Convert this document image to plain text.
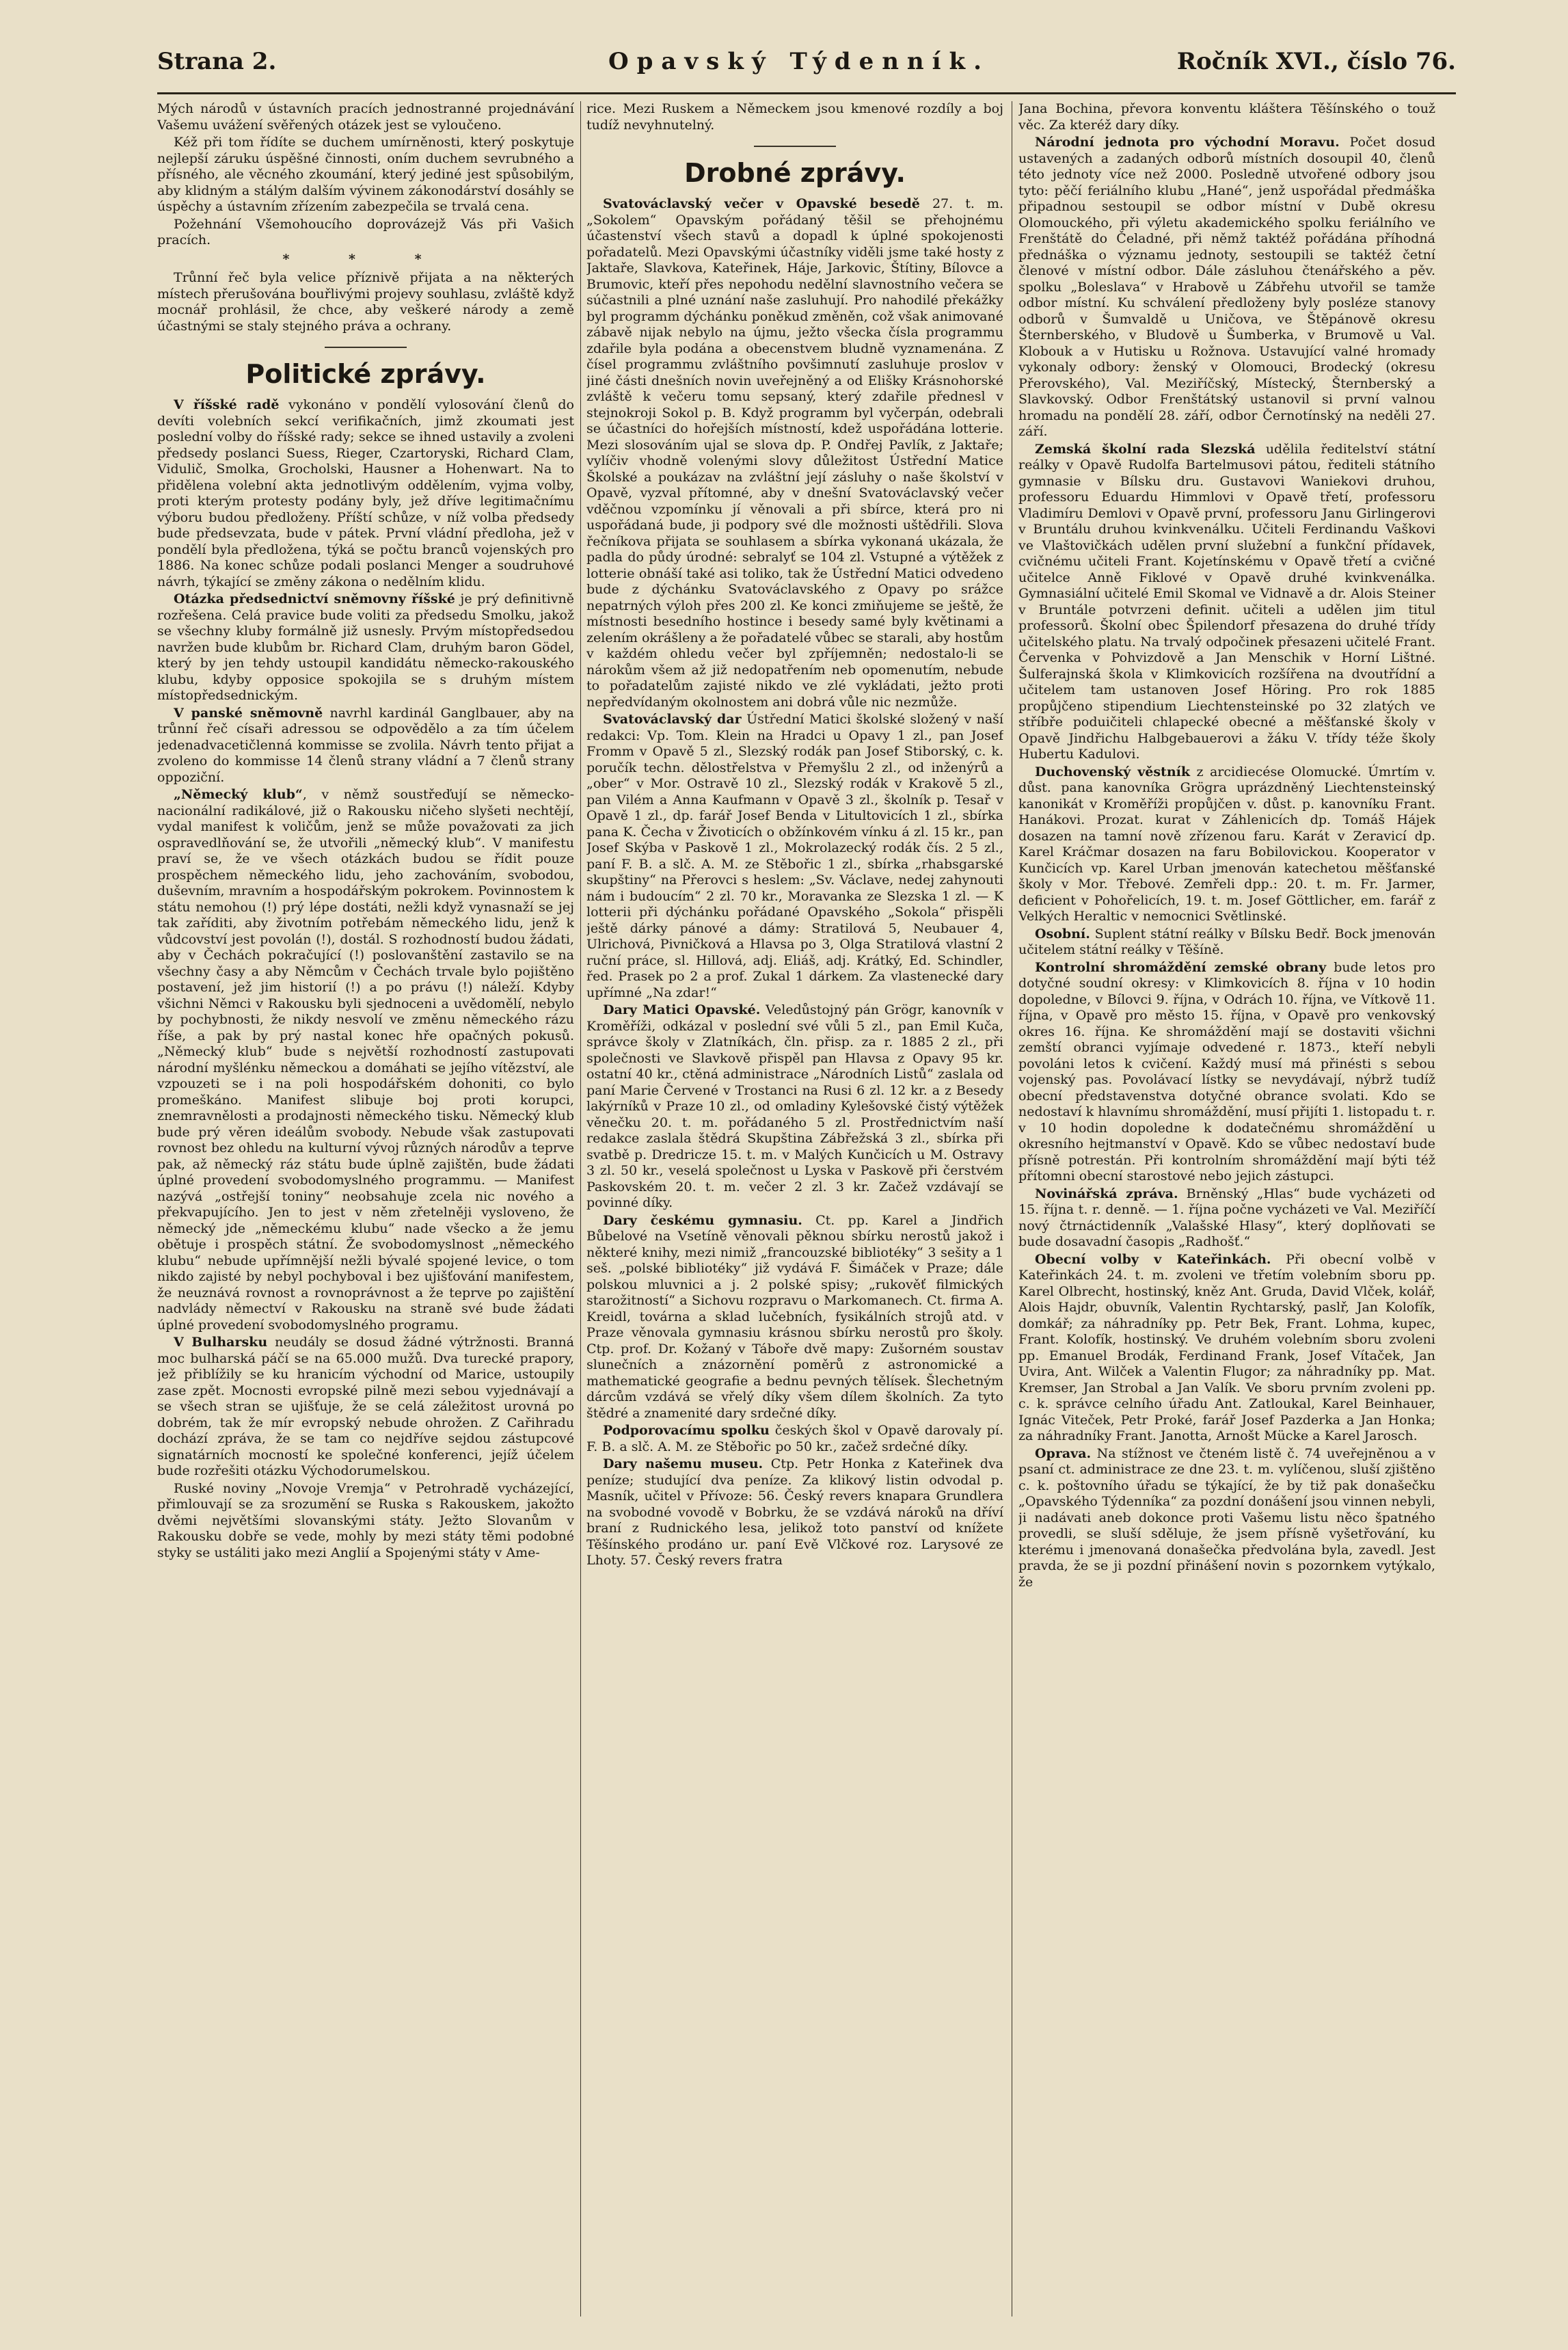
Strana 2.	Opavský Týdenník.	Ročník XVI., číslo 76.

Mých národů v ústavních pracích jednostranné projednávání Vašemu uvážení svěřených otázek jest se vyloučeno.

Kéž při tom řídíte se duchem umírněnosti, který poskytuje nejlepší záruku úspěšné činnosti, oním duchem sevrubného a přísného, ale věcného zkoumání, který jediné jest spůsobilým, aby klidným a stálým dalším vývinem zákonodárství dosáhly se úspěchy a ústavním zřízením zabezpečila se trvalá cena.

Požehnání Všemohoucího doprovázejž Vás při Vašich pracích.

* * *

Trůnní řeč byla velice příznivě přijata a na některých místech přerušována bouřlivými projevy souhlasu, zvláště když mocnář prohlásil, že chce, aby veškeré národy a země účastnými se staly stejného práva a ochrany.

Politické zprávy.

V říšské radě vykonáno v pondělí vylosování členů do devíti volebních sekcí verifikačních, jimž zkoumati jest poslední volby do říšské rady; sekce se ihned ustavily a zvoleni předsedy poslanci Suess, Rieger, Czartoryski, Richard Clam, Vidulič, Smolka, Grocholski, Hausner a Hohenwart. Na to přidělena volební akta jednotlivým oddělením, vyjma volby, proti kterým protesty podány byly, jež dříve legitimačnímu výboru budou předloženy. Příští schůze, v níž volba předsedy bude předsevzata, bude v pátek. První vládní předloha, jež v pondělí byla předložena, týká se počtu branců vojenských pro 1886. Na konec schůze podali poslanci Menger a soudruhové návrh, týkající se změny zákona o nedělním klidu.

Otázka předsednictví sněmovny říšské je prý definitivně rozřešena. Celá pravice bude voliti za předsedu Smolku, jakož se všechny kluby formálně již usnesly. Prvým místopředsedou navržen bude klubům br. Richard Clam, druhým baron Gödel, který by jen tehdy ustoupil kandidátu německo-rakouského klubu, kdyby opposice spokojila se s druhým místem místopředsednickým.

V panské sněmovně navrhl kardinál Ganglbauer, aby na trůnní řeč císaři adressou se odpovědělo a za tím účelem jedenadvacetičlenná kommisse se zvolila. Návrh tento přijat a zvoleno do kommisse 14 členů strany vládní a 7 členů strany oppoziční.

„Německý klub“, v němž soustřeďují se německo-nacionální radikálové, již o Rakousku ničeho slyšeti nechtějí, vydal manifest k voličům, jenž se může považovati za jich ospravedlňování se, že utvořili „německý klub“. V manifestu praví se, že ve všech otázkách budou se řídit pouze prospěchem německého lidu, jeho zachováním, svobodou, duševním, mravním a hospodářským pokrokem. Povinnostem k státu nemohou (!) prý lépe dostáti, nežli když vynasnaží se jej tak zaříditi, aby životním potřebám německého lidu, jenž k vůdcovství jest povolán (!), dostál. S rozhodností budou žádati, aby v Čechách pokračující (!) poslovanštění zastavilo se na všechny časy a aby Němcům v Čechách trvale bylo pojištěno postavení, jež jim historií (!) a po právu (!) náleží. Kdyby všichni Němci v Rakousku byli sjednoceni a uvědomělí, nebylo by pochybnosti, že nikdy nesvolí ve změnu německého rázu říše, a pak by prý nastal konec hře opačných pokusů. „Německý klub“ bude s největší rozhodností zastupovati národní myšlénku německou a domáhati se jejího vítězství, ale vzpouzeti se i na poli hospodářském dohoniti, co bylo promeškáno. Manifest slibuje boj proti korupci, znemravnělosti a prodajnosti německého tisku. Německý klub bude prý věren ideálům svobody. Nebude však zastupovati rovnost bez ohledu na kulturní vývoj různých národův a teprve pak, až německý ráz státu bude úplně zajištěn, bude žádati úplné provedení svobodomyslného programmu. — Manifest nazývá „ostřejší toniny“ neobsahuje zcela nic nového a překvapujícího. Jen to jest v něm zřetelněji vysloveno, že německý jde „německému klubu“ nade všecko a že jemu obětuje i prospěch státní. Že svobodomyslnost „německého klubu“ nebude upřímnější nežli bývalé spojené levice, o tom nikdo zajisté by nebyl pochyboval i bez ujišťování manifestem, že neuznává rovnost a rovnoprávnost a že teprve po zajištění nadvlády němectví v Rakousku na straně své bude žádati úplné provedení svobodomyslného programu.

V Bulharsku neudály se dosud žádné výtržnosti. Branná moc bulharská páčí se na 65.000 mužů. Dva turecké prapory, jež přiblížily se ku hranicím východní od Marice, ustoupily zase zpět. Mocnosti evropské pilně mezi sebou vyjednávají a se všech stran se ujišťuje, že se celá záležitost urovná po dobrém, tak že mír evropský nebude ohrožen. Z Cařihradu dochází zpráva, že se tam co nejdříve sejdou zástupcové signatárních mocností ke společné konferenci, jejíž účelem bude rozřešiti otázku Východorumelskou.

Ruské noviny „Novoje Vremja“ v Petrohradě vycházející, přimlouvají se za srozumění se Ruska s Rakouskem, jakožto dvěmi největšími slovanskými státy. Ježto Slovanům v Rakousku dobře se vede, mohly by mezi státy těmi podobné styky se ustáliti jako mezi Anglií a Spojenými státy v Ame-

rice. Mezi Ruskem a Německem jsou kmenové rozdíly a boj tudíž nevyhnutelný.

Drobné zprávy.

Svatováclavský večer v Opavské besedě 27. t. m. „Sokolem“ Opavským pořádaný těšil se přehojnému účastenství všech stavů a dopadl k úplné spokojenosti pořadatelů. Mezi Opavskými účastníky viděli jsme také hosty z Jaktaře, Slavkova, Kateřinek, Háje, Jarkovic, Štítiny, Bílovce a Brumovic, kteří přes nepohodu nedělní slavnostního večera se súčastnili a plné uznání naše zasluhují. Pro nahodilé překážky byl programm dýchánku poněkud změněn, což však animované zábavě nijak nebylo na újmu, ježto všecka čísla programmu zdařile byla podána a obecenstvem bludně vyznamenána. Z čísel programmu zvláštního povšimnutí zasluhuje proslov v jiné části dnešních novin uveřejněný a od Elišky Krásnohorské zvláště k večeru tomu sepsaný, který zdařile přednesl v stejnokroji Sokol p. B. Když programm byl vyčerpán, odebrali se účastníci do hořejších místností, kdež uspořádána lotterie. Mezi slosováním ujal se slova dp. P. Ondřej Pavlík, z Jaktaře; vylíčiv vhodně volenými slovy důležitost Ústřední Matice Školské a poukázav na zvláštní její zásluhy o naše školství v Opavě, vyzval přítomné, aby v dnešní Svatováclavský večer vděčnou vzpomínku jí věnovali a při sbírce, která pro ni uspořádaná bude, ji podpory své dle možnosti uštědřili. Slova řečníkova přijata se souhlasem a sbírka vykonaná ukázala, že padla do půdy úrodné: sebralyť se 104 zl. Vstupné a výtěžek z lotterie obnáší také asi toliko, tak že Ústřední Matici odvedeno bude z dýchánku Svatováclavského z Opavy po srážce nepatrných výloh přes 200 zl. Ke konci zmiňujeme se ještě, že místnosti besedního hostince i besedy samé byly květinami a zelením okrášleny a že pořadatelé vůbec se starali, aby hostům v každém ohledu večer byl zpříjemněn; nedostalo-li se nárokům všem až již nedopatřením neb opomenutím, nebude to pořadatelům zajisté nikdo ve zlé vykládati, ježto proti nepředvídaným okolnostem ani dobrá vůle nic nezmůže.

Svatováclavský dar Ústřední Matici školské složený v naší redakci: Vp. Tom. Klein na Hradci u Opavy 1 zl., pan Josef Fromm v Opavě 5 zl., Slezský rodák pan Josef Stiborský, c. k. poručík techn. dělostřelstva v Přemyšlu 2 zl., od inženýrů a „ober“ v Mor. Ostravě 10 zl., Slezský rodák v Krakově 5 zl., pan Vilém a Anna Kaufmann v Opavě 3 zl., školník p. Tesař v Opavě 1 zl., dp. farář Josef Benda v Litultovicích 1 zl., sbírka pana K. Čecha v Životicích o obžínkovém vínku á zl. 15 kr., pan Josef Skýba v Paskově 1 zl., Mokrolazecký rodák čís. 2 5 zl., paní F. B. a slč. A. M. ze Stěbořic 1 zl., sbírka „rhabsgarské skupštiny“ na Přerovci s heslem: „Sv. Václave, nedej zahynouti nám i budoucím“ 2 zl. 70 kr., Moravanka ze Slezska 1 zl. — K lotterii při dýchánku pořádané Opavského „Sokola“ přispěli ještě dárky pánové a dámy: Stratilová 5, Neubauer 4, Ulrichová, Pivničková a Hlavsa po 3, Olga Stratilová vlastní 2 ruční práce, sl. Hillová, adj. Eliáš, adj. Krátký, Ed. Schindler, řed. Prasek po 2 a prof. Zukal 1 dárkem. Za vlastenecké dary upřímné „Na zdar!“

Dary Matici Opavské. Veledůstojný pán Grögr, kanovník v Kroměříži, odkázal v poslední své vůli 5 zl., pan Emil Kuča, správce školy v Zlatníkách, čln. přisp. za r. 1885 2 zl., při společnosti ve Slavkově přispěl pan Hlavsa z Opavy 95 kr. ostatní 40 kr., ctěná administrace „Národních Listů“ zaslala od paní Marie Červené v Trostanci na Rusi 6 zl. 12 kr. a z Besedy lakýrníků v Praze 10 zl., od omladiny Kylešovské čistý výtěžek věnečku 20. t. m. pořádaného 5 zl. Prostřednictvím naší redakce zaslala štědrá Skupština Zábřežská 3 zl., sbírka při svatbě p. Dredricze 15. t. m. v Malých Kunčicích u M. Ostravy 3 zl. 50 kr., veselá společnost u Lyska v Paskově při čerstvém Paskovském 20. t. m. večer 2 zl. 3 kr. Začež vzdávají se povinné díky.

Dary českému gymnasiu. Ct. pp. Karel a Jindřich Bůbelové na Vsetíně věnovali pěknou sbírku nerostů jakož i některé knihy, mezi nimiž „francouzské bibliotéky“ 3 sešity a 1 seš. „polské bibliotéky“ již vydává F. Šimáček v Praze; dále polskou mluvnici a j. 2 polské spisy; „rukověť filmických starožitností“ a Sichovu rozpravu o Markomanech. Ct. firma A. Kreidl, továrna a sklad lučebních, fysikálních strojů atd. v Praze věnovala gymnasiu krásnou sbírku nerostů pro školy. Ctp. prof. Dr. Kožaný v Táboře dvě mapy: Zušorném soustav slunečních a znázornění poměrů z astronomické a mathematické geografie a bednu pevných tělísek. Šlechetným dárcům vzdává se vřelý díky všem dílem školních. Za tyto štědré a znamenité dary srdečné díky.

Podporovacímu spolku českých škol v Opavě darovaly pí. F. B. a slč. A. M. ze Stěbořic po 50 kr., začež srdečné díky.

Dary našemu museu. Ctp. Petr Honka z Kateřinek dva peníze; studující dva peníze. Za klikový listin odvodal p. Masník, učitel v Přívoze: 56. Český revers knapara Grundlera na svobodné vovodě v Bobrku, že se vzdává nároků na dříví braní z Rudnického lesa, jelikož toto panství od knížete Těšínského prodáno ur. paní Evě Vlčkové roz. Larysové ze Lhoty. 57. Český revers fratra

Jana Bochina, převora konventu kláštera Těšínského o touž věc. Za kteréž dary díky.

Národní jednota pro východní Moravu. Počet dosud ustavených a zadaných odborů místních dosoupil 40, členů této jednoty více než 2000. Posledně utvořené odbory jsou tyto: pěčí feriálního klubu „Hané“, jenž uspořádal předmáška připadnou sestoupil se odbor místní v Dubě okresu Olomouckého, při výletu akademického spolku feriálního ve Frenštátě do Čeladné, při němž taktéž pořádána příhodná přednáška o významu jednoty, sestoupili se taktéž četní členové v místní odbor. Dále zásluhou čtenářského a pěv. spolku „Boleslava“ v Hrabově u Zábřehu utvořil se tamže odbor místní. Ku schválení předloženy byly posléze stanovy odborů v Šumvaldě u Uničova, ve Štěpánově okresu Šternberského, v Bludově u Šumberka, v Brumově u Val. Klobouk a v Hutisku u Rožnova. Ustavující valné hromady vykonaly odbory: ženský v Olomouci, Brodecký (okresu Přerovského), Val. Meziříčský, Místecký, Šternberský a Slavkovský. Odbor Frenštátský ustanovil si první valnou hromadu na pondělí 28. září, odbor Černotínský na neděli 27. září.

Zemská školní rada Slezská udělila ředitelství státní reálky v Opavě Rudolfa Bartelmusovi pátou, řediteli státního gymnasie v Bílsku dru. Gustavovi Waniekovi druhou, professoru Eduardu Himmlovi v Opavě třetí, professoru Vladimíru Demlovi v Opavě první, professoru Janu Girlingerovi v Bruntálu druhou kvinkvenálku. Učiteli Ferdinandu Vaškovi ve Vlaštovičkách udělen první služební a funkční přídavek, cvičnému učiteli Frant. Kojetínskému v Opavě třetí a cvičné učitelce Anně Fiklové v Opavě druhé kvinkvenálka. Gymnasiální učitelé Emil Skomal ve Vidnavě a dr. Alois Steiner v Bruntále potvrzeni definit. učiteli a udělen jim titul professorů. Školní obec Špilendorf přesazena do druhé třídy učitelského platu. Na trvalý odpočinek přesazeni učitelé Frant. Červenka v Pohvizdově a Jan Menschik v Horní Lištné. Šulferajnská škola v Klimkovicích rozšířena na dvoutřídní a učitelem tam ustanoven Josef Höring. Pro rok 1885 propůjčeno stipendium Liechtensteinské po 32 zlatých ve stříbře poduičiteli chlapecké obecné a měšťanské školy v Opavě Jindřichu Halbgebauerovi a žáku V. třídy téže školy Hubertu Kadulovi.

Duchovenský věstník z arcidiecése Olomucké. Úmrtím v. důst. pana kanovníka Grögra uprázdněný Liechtensteinský kanonikát v Kroměříži propůjčen v. důst. p. kanovníku Frant. Hanákovi. Prozat. kurat v Záhlenicích dp. Tomáš Hájek dosazen na tamní nově zřízenou faru. Karát v Zeravicí dp. Karel Kráčmar dosazen na faru Bobilovickou. Kooperator v Kunčicích vp. Karel Urban jmenován katechetou měšťanské školy v Mor. Třebové. Zemřeli dpp.: 20. t. m. Fr. Jarmer, deficient v Pohořelicích, 19. t. m. Josef Göttlicher, em. farář z Velkých Heraltic v nemocnici Světlinské.

Osobní. Suplent státní reálky v Bílsku Bedř. Bock jmenován učitelem státní reálky v Těšíně.

Kontrolní shromáždění zemské obrany bude letos pro dotyčné soudní okresy: v Klimkovicích 8. října v 10 hodin dopoledne, v Bílovci 9. října, v Odrách 10. října, ve Vítkově 11. října, v Opavě pro město 15. října, v Opavě pro venkovský okres 16. října. Ke shromáždění mají se dostaviti všichni zemští obranci vyjímaje odvedené r. 1873., kteří nebyli povoláni letos k cvičení. Každý musí má přinésti s sebou vojenský pas. Povolávací lístky se nevydávají, nýbrž tudíž obecní představenstva dotyčné obrance svolati. Kdo se nedostaví k hlavnímu shromáždění, musí přijíti 1. listopadu t. r. v 10 hodin dopoledne k dodatečnému shromáždění u okresního hejtmanství v Opavě. Kdo se vůbec nedostaví bude přísně potrestán. Při kontrolním shromáždění mají býti též přítomni obecní starostové nebo jejich zástupci.

Novinářská zpráva. Brněnský „Hlas“ bude vycházeti od 15. října t. r. denně. — 1. října počne vycházeti ve Val. Meziříčí nový čtrnáctidenník „Valašské Hlasy“, který doplňovati se bude dosavadní časopis „Radhošť.“

Obecní volby v Kateřinkách. Při obecní volbě v Kateřinkách 24. t. m. zvoleni ve třetím volebním sboru pp. Karel Olbrecht, hostinský, kněz Ant. Gruda, David Vlček, kolář, Alois Hajdr, obuvník, Valentin Rychtarský, paslř, Jan Kolofík, domkář; za náhradníky pp. Petr Bek, Frant. Lohma, kupec, Frant. Kolofík, hostinský. Ve druhém volebním sboru zvoleni pp. Emanuel Brodák, Ferdinand Frank, Josef Vítaček, Jan Uvira, Ant. Wilček a Valentin Flugor; za náhradníky pp. Mat. Kremser, Jan Strobal a Jan Valík. Ve sboru prvním zvoleni pp. c. k. správce celního úřadu Ant. Zatloukal, Karel Beinhauer, Ignác Viteček, Petr Proké, farář Josef Pazderka a Jan Honka; za náhradníky Frant. Janotta, Arnošt Mücke a Karel Jarosch.

Oprava. Na stížnost ve čteném listě č. 74 uveřejněnou a v psaní ct. administrace ze dne 23. t. m. vylíčenou, sluší zjištěno c. k. poštovního úřadu se týkající, že by tiž pak donašečku „Opavského Týdenníka“ za pozdní donášení jsou vinnen nebyli, ji nadávati aneb dokonce proti Vašemu listu něco špatného provedli, se sluší sděluje, že jsem přísně vyšetřování, ku kterému i jmenovaná donašečka předvolána byla, zavedl. Jest pravda, že se ji pozdní přinášení novin s pozornkem vytýkalo, že
